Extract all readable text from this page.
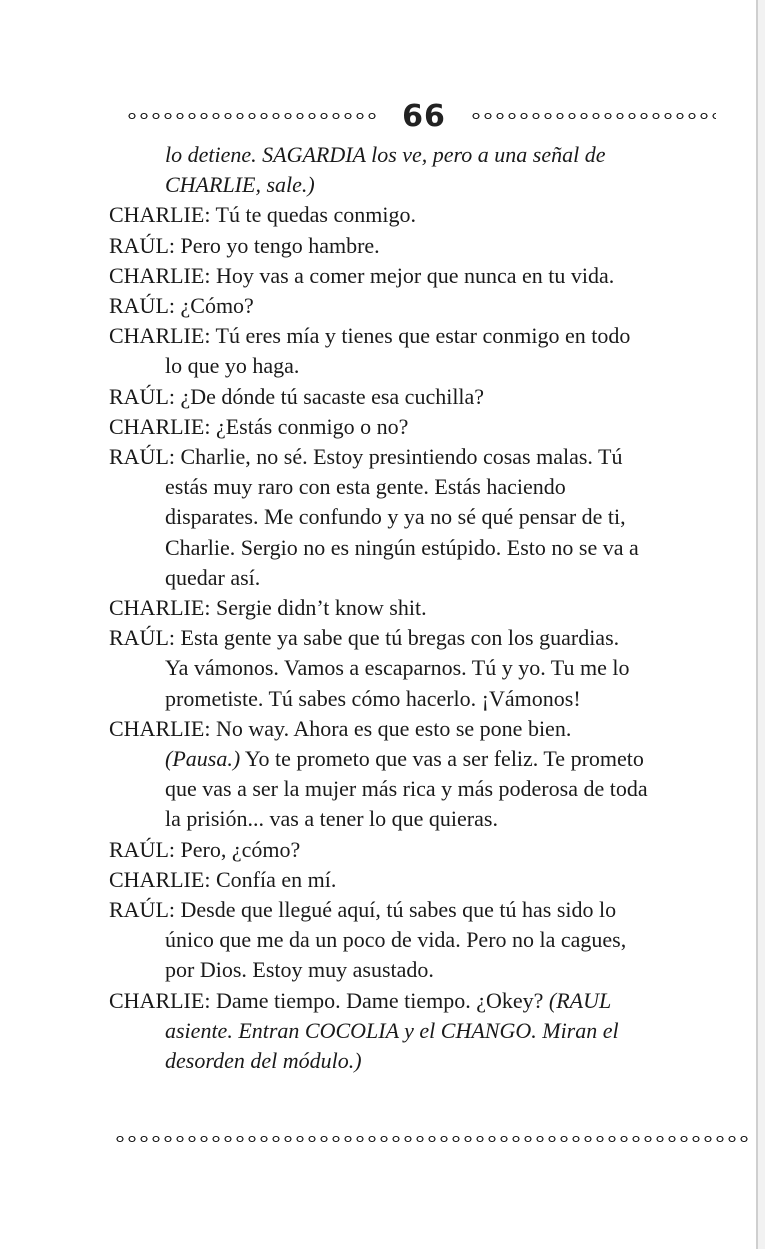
66
lo detiene. SAGARDIA los ve, pero a una señal de
CHARLIE, sale.)
CHARLIE: Tú te quedas conmigo.
RAÚL: Pero yo tengo hambre.
CHARLIE: Hoy vas a comer mejor que nunca en tu vida.
RAÚL: ¿Cómo?
CHARLIE: Tú eres mía y tienes que estar conmigo en todo
lo que yo haga.
RAÚL: ¿De dónde tú sacaste esa cuchilla?
CHARLIE: ¿Estás conmigo o no?
RAÚL: Charlie, no sé. Estoy presintiendo cosas malas. Tú
estás muy raro con esta gente. Estás haciendo
disparates. Me confundo y ya no sé qué pensar de ti,
Charlie. Sergio no es ningún estúpido. Esto no se va a
quedar así.
CHARLIE: Sergie didn’t know shit.
RAÚL: Esta gente ya sabe que tú bregas con los guardias.
Ya vámonos. Vamos a escaparnos. Tú y yo. Tu me lo
prometiste. Tú sabes cómo hacerlo. ¡Vámonos!
CHARLIE: No way. Ahora es que esto se pone bien.
(Pausa.) Yo te prometo que vas a ser feliz. Te prometo
que vas a ser la mujer más rica y más poderosa de toda
la prisión... vas a tener lo que quieras.
RAÚL: Pero, ¿cómo?
CHARLIE: Confía en mí.
RAÚL: Desde que llegué aquí, tú sabes que tú has sido lo
único que me da un poco de vida. Pero no la cagues,
por Dios. Estoy muy asustado.
CHARLIE: Dame tiempo. Dame tiempo. ¿Okey? (RAUL
asiente. Entran COCOLIA y el CHANGO. Miran el
desorden del módulo.)
